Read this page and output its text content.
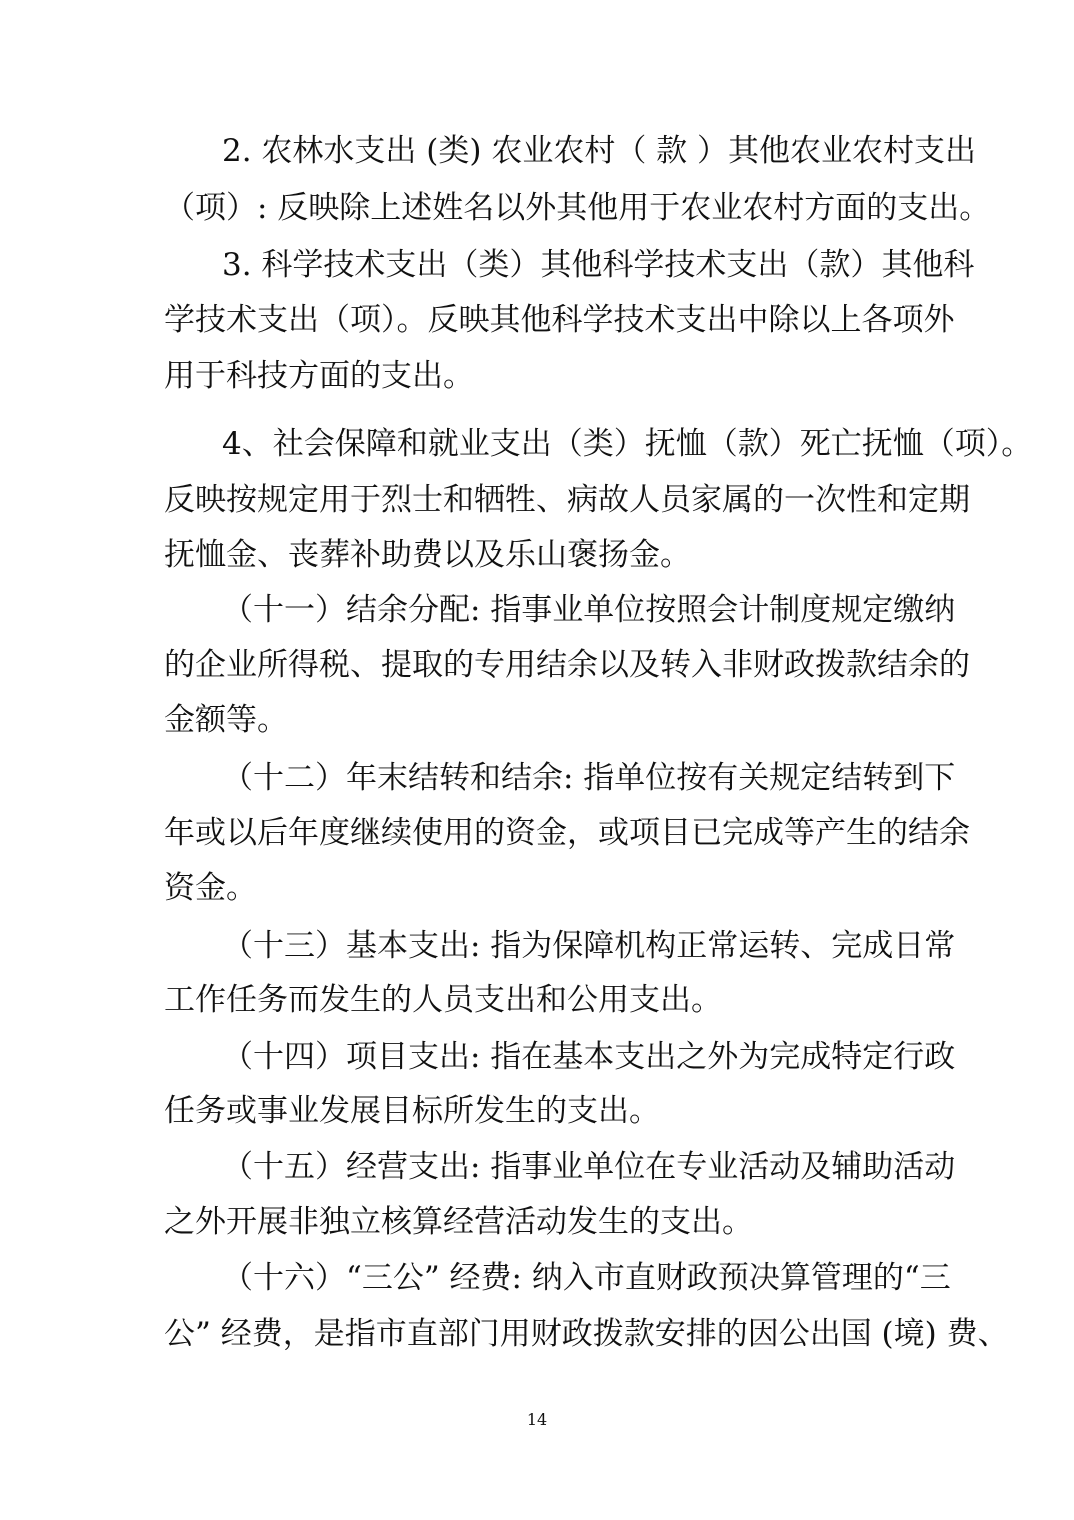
2. 农林水支出 (类) 农业农村（ 款 ）其他农业农村支出
（项）: 反映除上述姓名以外其他用于农业农村方面的支出。
3. 科学技术支出（类）其他科学技术支出（款）其他科
学技术支出（项）。反映其他科学技术支出中除以上各项外
用于科技方面的支出。
4、社会保障和就业支出（类）抚恤（款）死亡抚恤（项）。
反映按规定用于烈士和牺牲、病故人员家属的一次性和定期
抚恤金、丧葬补助费以及乐山褒扬金。
（十一）结余分配: 指事业单位按照会计制度规定缴纳
的企业所得税、提取的专用结余以及转入非财政拨款结余的
金额等。
（十二）年末结转和结余: 指单位按有关规定结转到下
年或以后年度继续使用的资金，或项目已完成等产生的结余
资金。
（十三）基本支出: 指为保障机构正常运转、完成日常
工作任务而发生的人员支出和公用支出。
（十四）项目支出: 指在基本支出之外为完成特定行政
任务或事业发展目标所发生的支出。
（十五）经营支出: 指事业单位在专业活动及辅助活动
之外开展非独立核算经营活动发生的支出。
（十六）“三公” 经费: 纳入市直财政预决算管理的“三
公” 经费，是指市直部门用财政拨款安排的因公出国 (境) 费、
14
